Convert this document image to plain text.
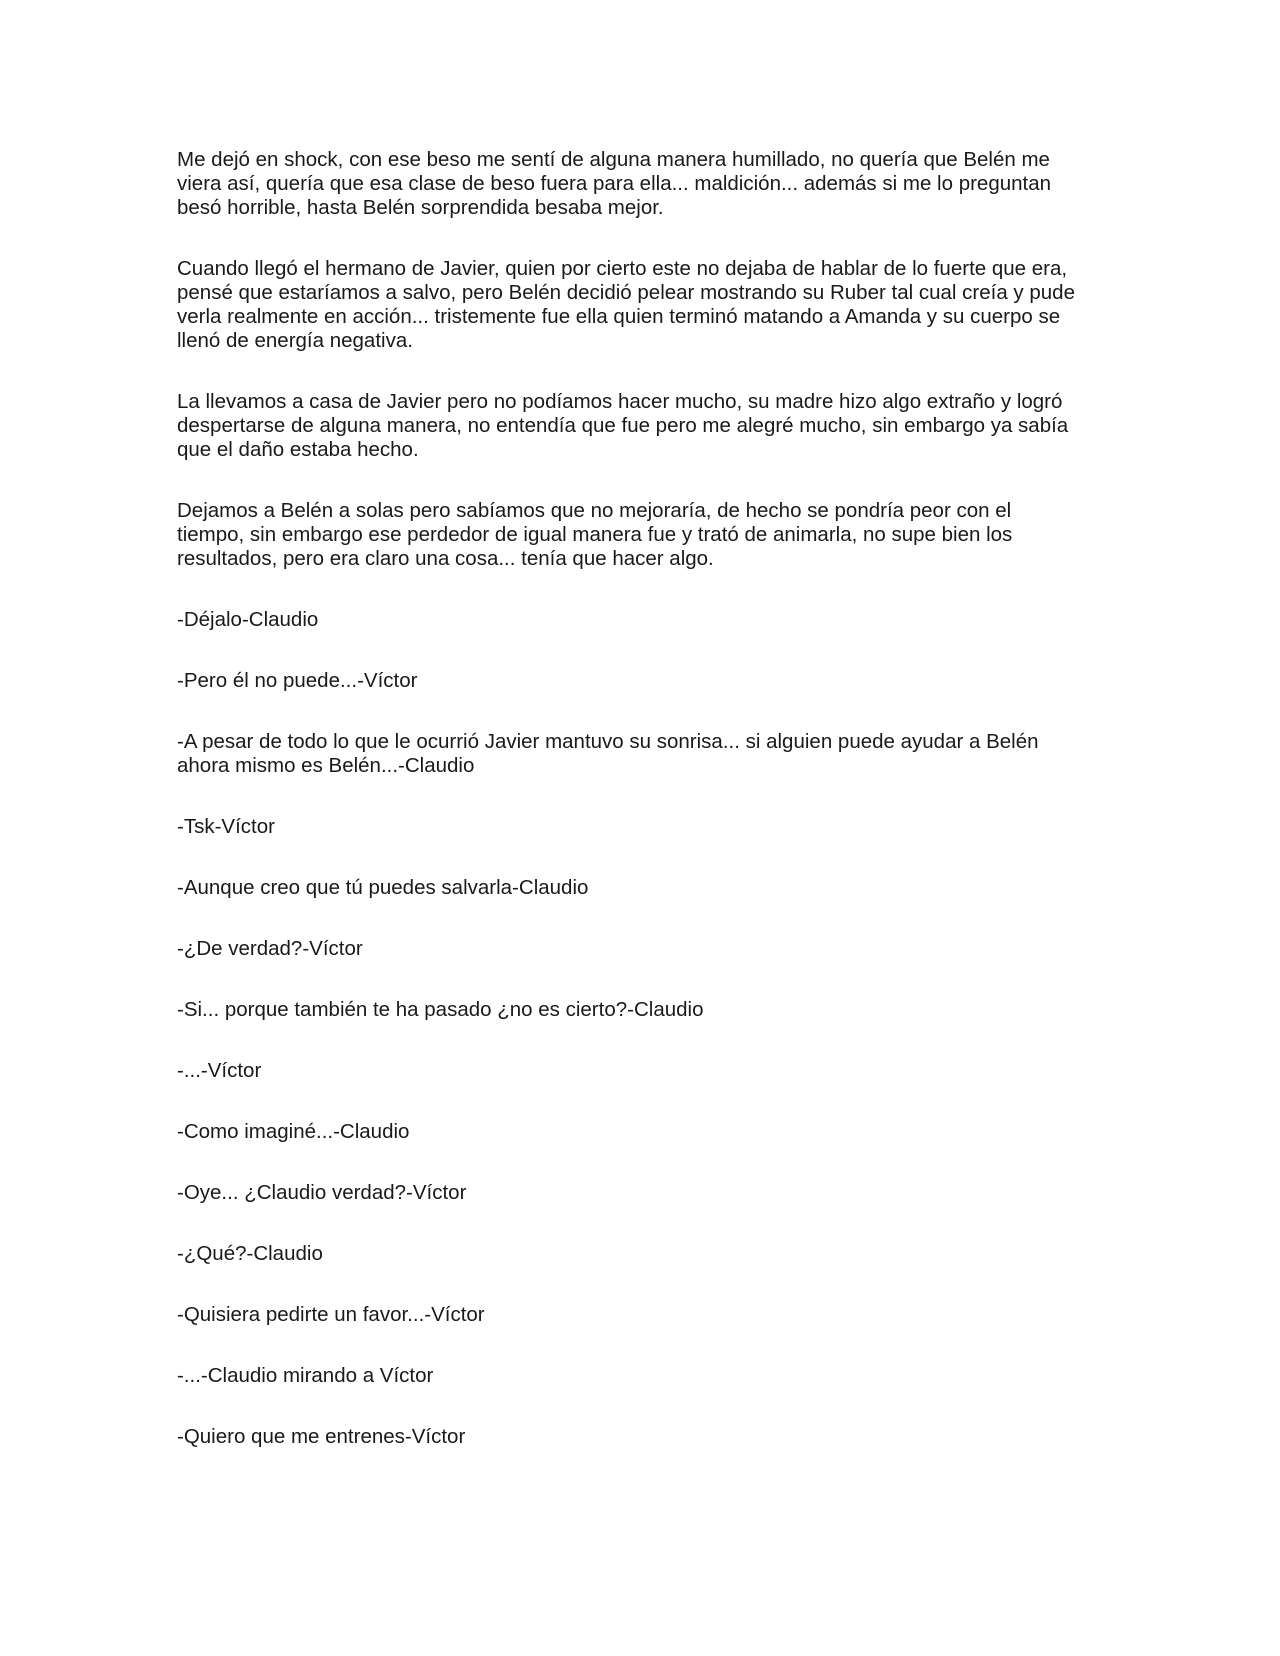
Me dejó en shock, con ese beso me sentí de alguna manera humillado, no quería que Belén me
viera así, quería que esa clase de beso fuera para ella... maldición... además si me lo preguntan
besó horrible, hasta Belén sorprendida besaba mejor.

Cuando llegó el hermano de Javier, quien por cierto este no dejaba de hablar de lo fuerte que era,
pensé que estaríamos a salvo, pero Belén decidió pelear mostrando su Ruber tal cual creía y pude
verla realmente en acción... tristemente fue ella quien terminó matando a Amanda y su cuerpo se
llenó de energía negativa.

La llevamos a casa de Javier pero no podíamos hacer mucho, su madre hizo algo extraño y logró
despertarse de alguna manera, no entendía que fue pero me alegré mucho, sin embargo ya sabía
que el daño estaba hecho.

Dejamos a Belén a solas pero sabíamos que no mejoraría, de hecho se pondría peor con el
tiempo, sin embargo ese perdedor de igual manera fue y trató de animarla, no supe bien los
resultados, pero era claro una cosa... tenía que hacer algo.

-Déjalo-Claudio

-Pero él no puede...-Víctor

-A pesar de todo lo que le ocurrió Javier mantuvo su sonrisa... si alguien puede ayudar a Belén
ahora mismo es Belén...-Claudio

-Tsk-Víctor

-Aunque creo que tú puedes salvarla-Claudio

-¿De verdad?-Víctor

-Si... porque también te ha pasado ¿no es cierto?-Claudio

-...-Víctor

-Como imaginé...-Claudio

-Oye... ¿Claudio verdad?-Víctor

-¿Qué?-Claudio

-Quisiera pedirte un favor...-Víctor

-...-Claudio mirando a Víctor

-Quiero que me entrenes-Víctor
